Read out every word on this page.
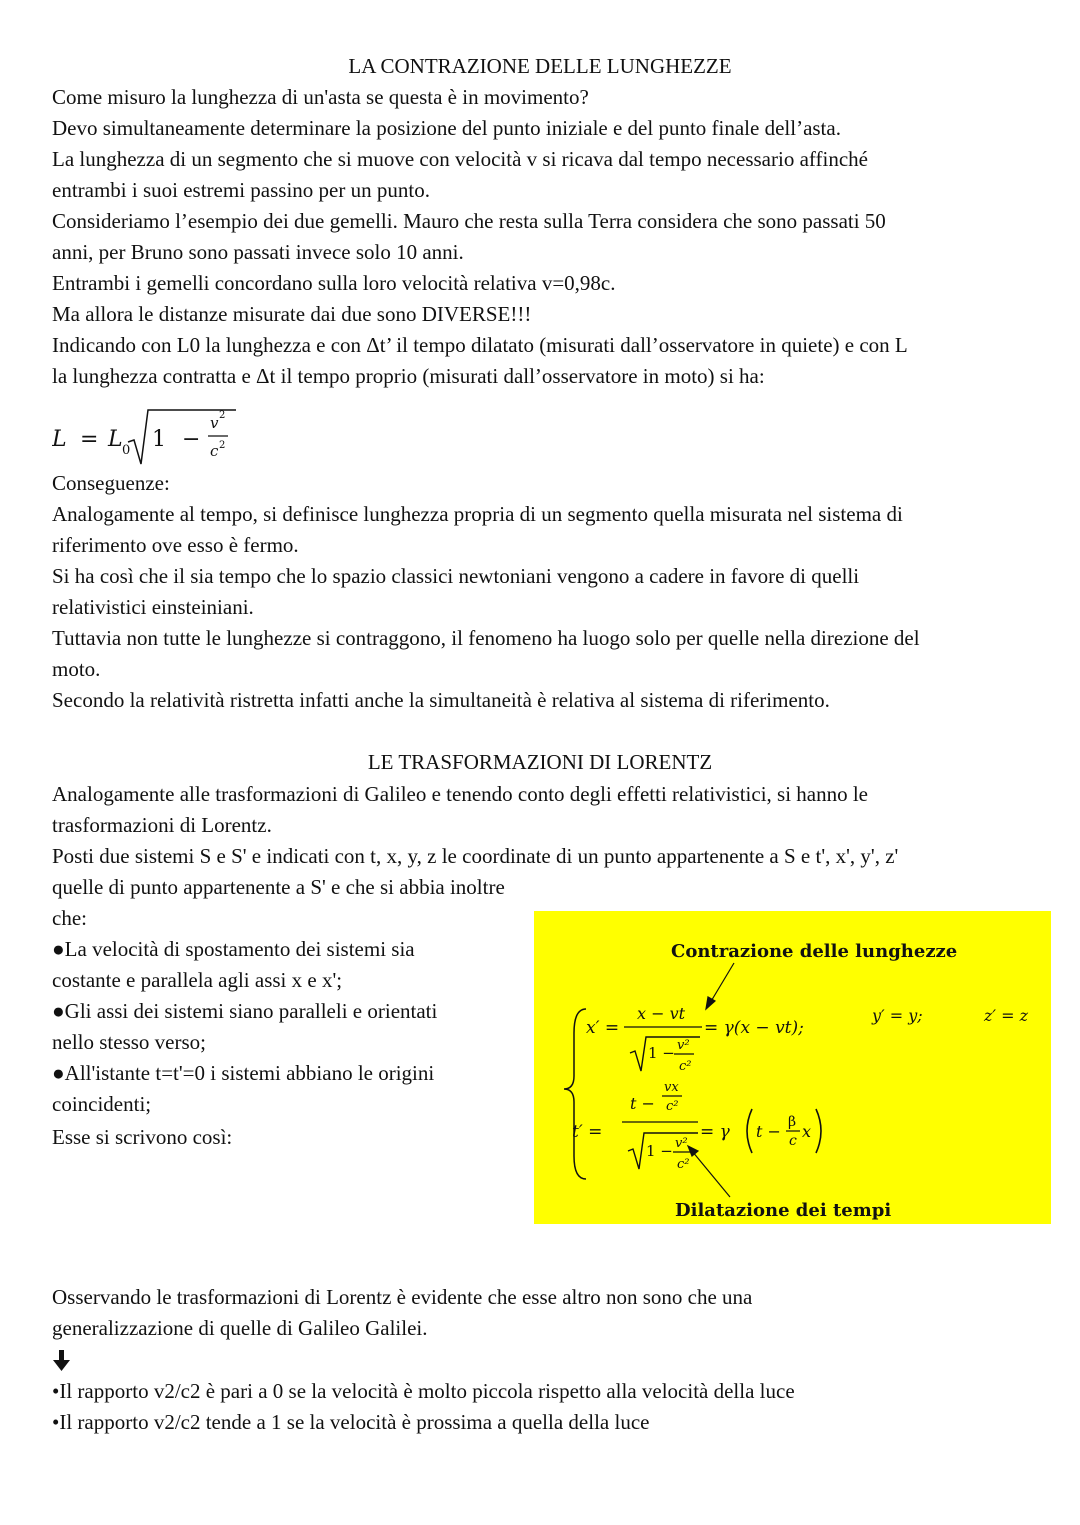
LA CONTRAZIONE DELLE LUNGHEZZE
Come misuro la lunghezza di un'asta se questa è in movimento?
Devo simultaneamente determinare la posizione del punto iniziale e del punto finale dell’asta.
La lunghezza di un segmento che si muove con velocità v si ricava dal tempo necessario affinché
entrambi i suoi estremi passino per un punto.
Consideriamo l’esempio dei due gemelli. Mauro che resta sulla Terra considera che sono passati 50
anni, per Bruno sono passati invece solo 10 anni.
Entrambi i gemelli concordano sulla loro velocità relativa v=0,98c.
Ma allora le distanze misurate dai due sono DIVERSE!!!
Indicando con L0 la lunghezza e con Δt’ il tempo dilatato (misurati dall’osservatore in quiete) e con L
la lunghezza contratta e Δt il tempo proprio (misurati dall’osservatore in moto) si ha:
L = L 0 1 −
v 2
c 2
Conseguenze:
Analogamente al tempo, si definisce lunghezza propria di un segmento quella misurata nel sistema di
riferimento ove esso è fermo.
Si ha così che il sia tempo che lo spazio classici newtoniani vengono a cadere in favore di quelli
relativistici einsteiniani.
Tuttavia non tutte le lunghezze si contraggono, il fenomeno ha luogo solo per quelle nella direzione del
moto.
Secondo la relatività ristretta infatti anche la simultaneità è relativa al sistema di riferimento.
LE TRASFORMAZIONI DI LORENTZ
Analogamente alle trasformazioni di Galileo e tenendo conto degli effetti relativistici, si hanno le
trasformazioni di Lorentz.
Posti due sistemi S e S' e indicati con t, x, y, z le coordinate di un punto appartenente a S e t', x', y', z'
quelle di punto appartenente a S' e che si abbia inoltre
che:
●La velocità di spostamento dei sistemi sia
costante e parallela agli assi x e x';
●Gli assi dei sistemi siano paralleli e orientati
nello stesso verso;
●All'istante t=t'=0 i sistemi abbiano le origini
coincidenti;
Esse si scrivono così:
Contrazione delle lunghezze
Dilatazione dei tempi
x′ =
x − vt
1 − v²
c²
= γ(x − vt);
y′ = y;	z′ = z
t′ =
t −
vx
c²
1 − v²
c²
= γ t − β
c x
Osservando le trasformazioni di Lorentz è evidente che esse altro non sono che una
generalizzazione di quelle di Galileo Galilei.
•Il rapporto v2/c2 è pari a 0 se la velocità è molto piccola rispetto alla velocità della luce
•Il rapporto v2/c2 tende a 1 se la velocità è prossima a quella della luce
